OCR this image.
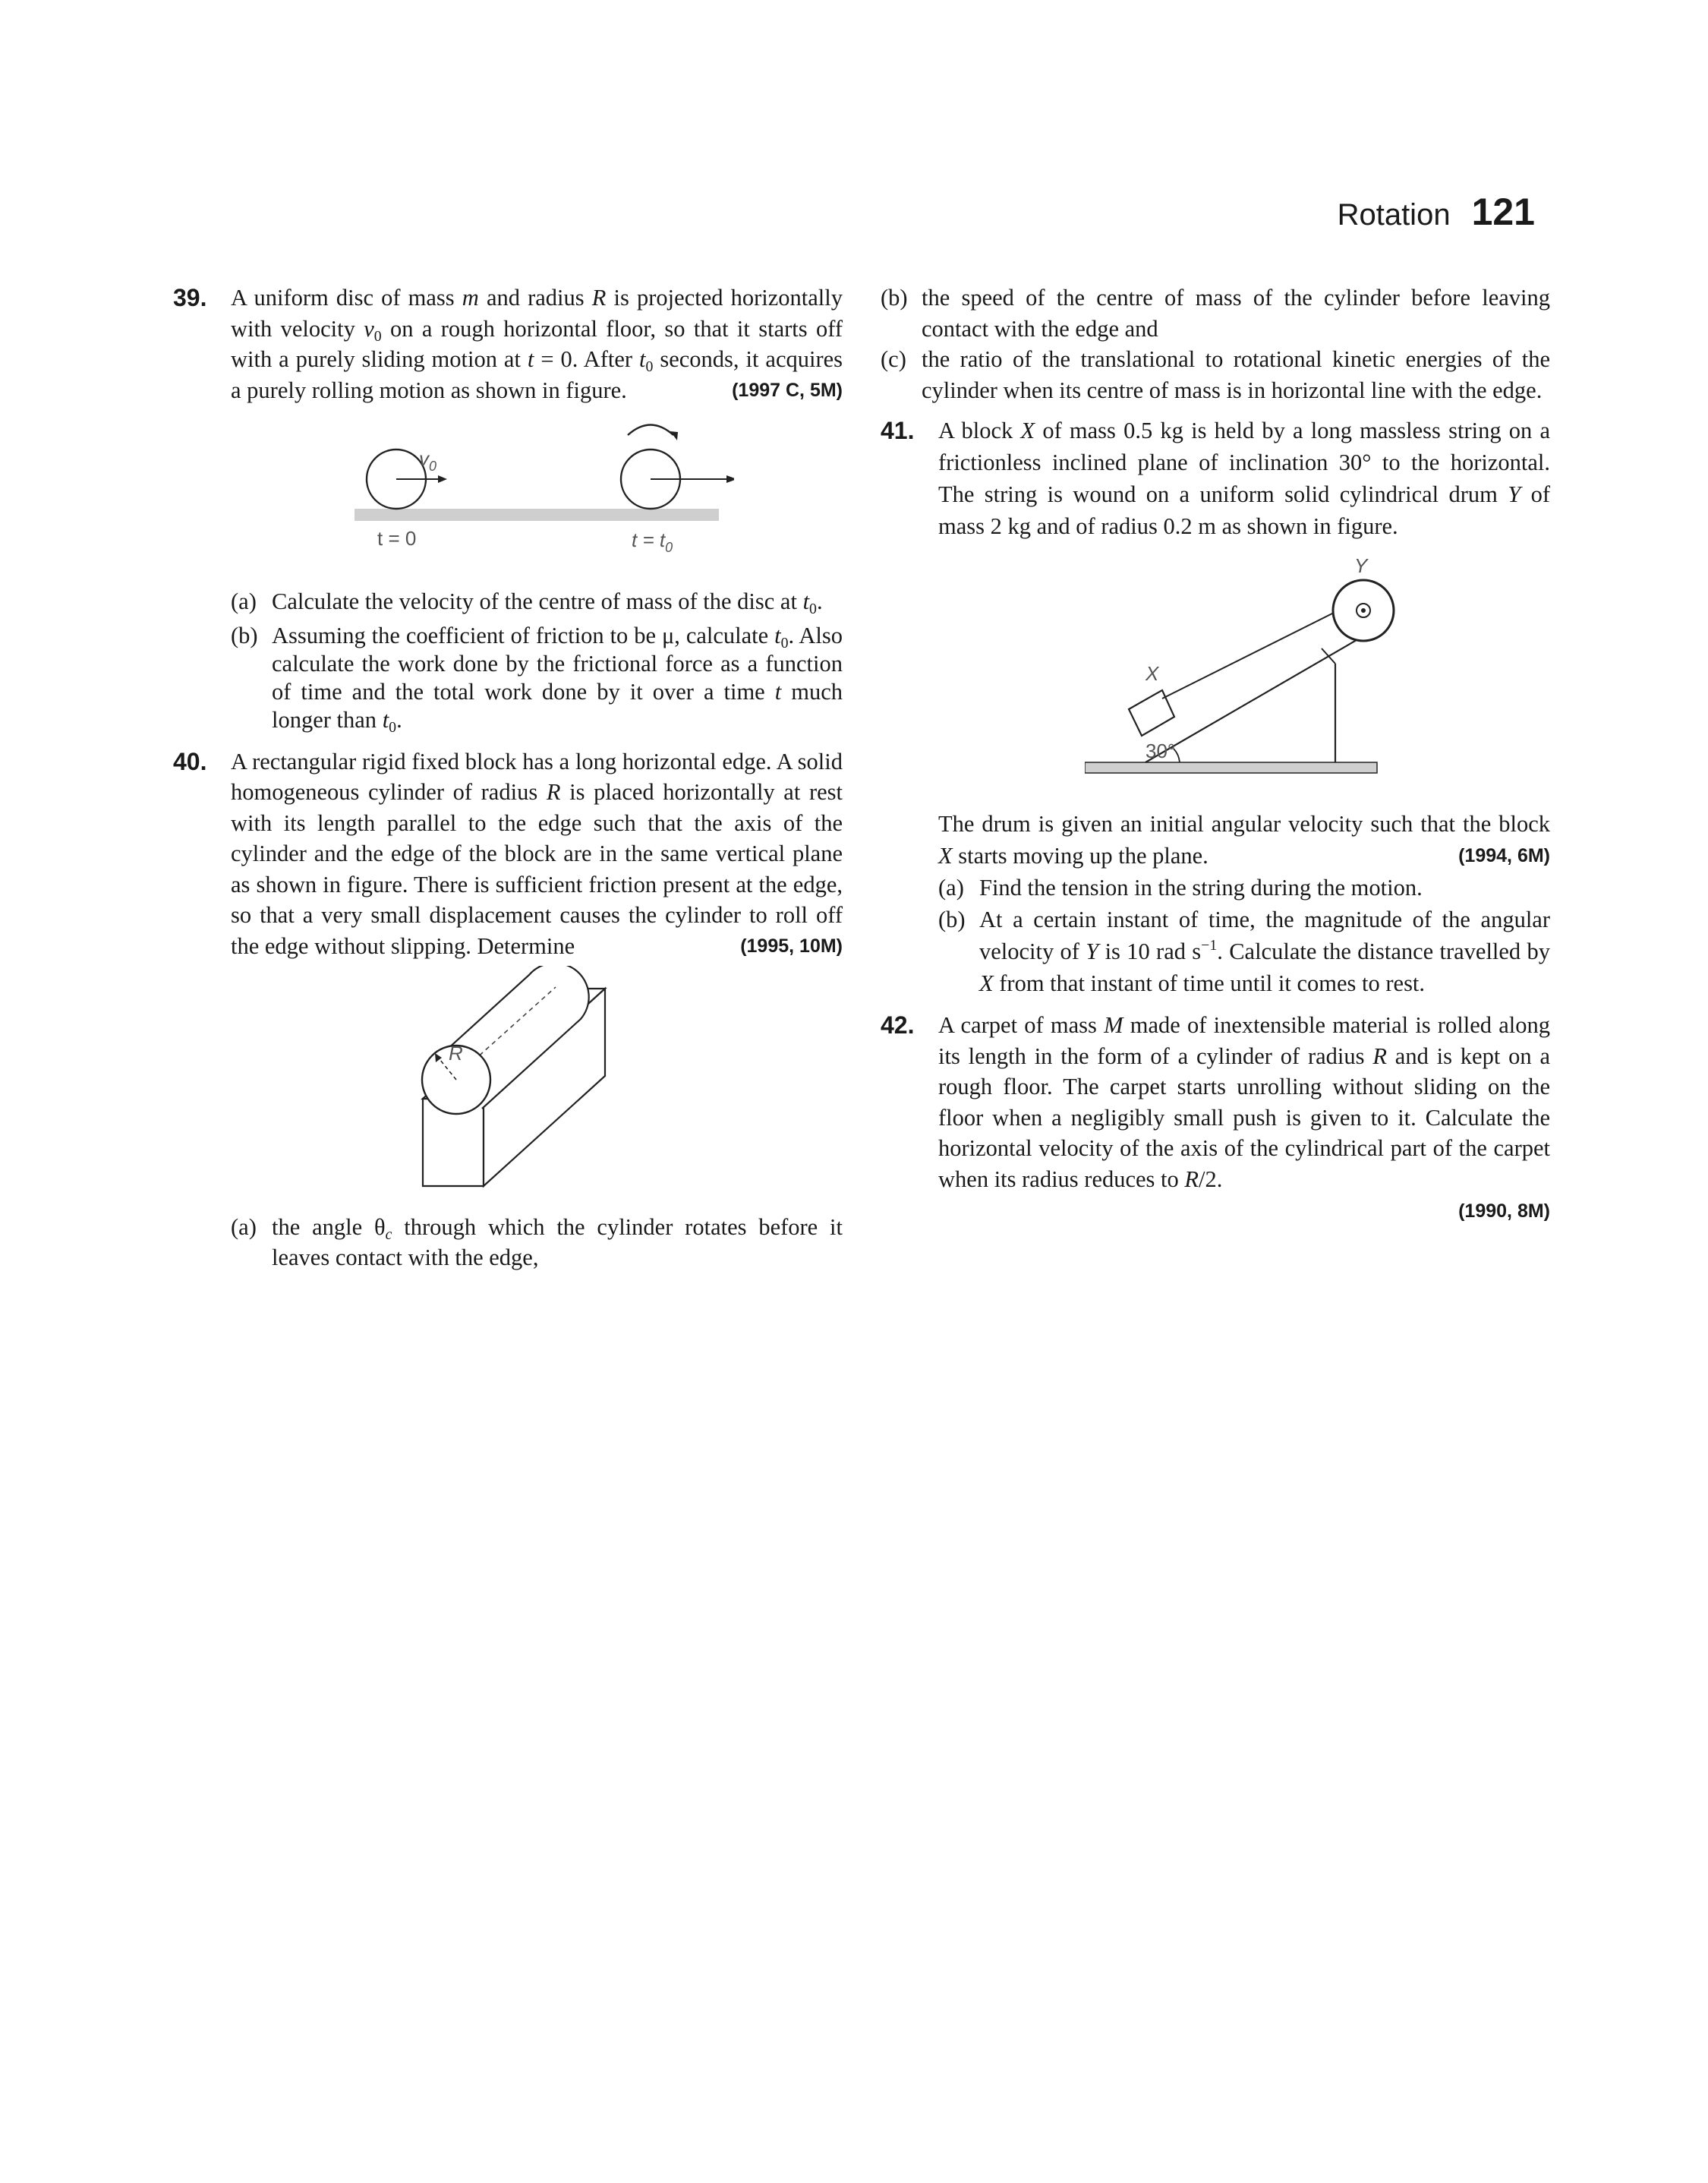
Rotation 121
39. A uniform disc of mass m and radius R is projected horizontally with velocity $v_0$ on a rough horizontal floor, so that it starts off with a purely sliding motion at t = 0. After $t_0$ seconds, it acquires a purely rolling motion as shown in figure.	(1997 C, 5M)
$v_0$
t = 0	$t = t_0$
(a) Calculate the velocity of the centre of mass of the disc at $t_0$.
(b) Assuming the coefficient of friction to be μ, calculate $t_0$. Also calculate the work done by the frictional force as a function of time and the total work done by it over a time t much longer than $t_0$.
40. A rectangular rigid fixed block has a long horizontal edge. A solid homogeneous cylinder of radius R is placed horizontally at rest with its length parallel to the edge such that the axis of the cylinder and the edge of the block are in the same vertical plane as shown in figure. There is sufficient friction present at the edge, so that a very small displacement causes the cylinder to roll off the edge without slipping. Determine	(1995, 10M)
R
(a) the angle $\theta_c$ through which the cylinder rotates before it leaves contact with the edge,
(b) the speed of the centre of mass of the cylinder before leaving contact with the edge and
(c) the ratio of the translational to rotational kinetic energies of the cylinder when its centre of mass is in horizontal line with the edge.
41. A block X of mass 0.5 kg is held by a long massless string on a frictionless inclined plane of inclination 30° to the horizontal. The string is wound on a uniform solid cylindrical drum Y of mass 2 kg and of radius 0.2 m as shown in figure.
X
Y
30°
The drum is given an initial angular velocity such that the block X starts moving up the plane.	(1994, 6M)
(a) Find the tension in the string during the motion.
(b) At a certain instant of time, the magnitude of the angular velocity of Y is 10 rad $s^{-1}$. Calculate the distance travelled by X from that instant of time until it comes to rest.
42. A carpet of mass M made of inextensible material is rolled along its length in the form of a cylinder of radius R and is kept on a rough floor. The carpet starts unrolling without sliding on the floor when a negligibly small push is given to it. Calculate the horizontal velocity of the axis of the cylindrical part of the carpet when its radius reduces to R/2.
(1990, 8M)
